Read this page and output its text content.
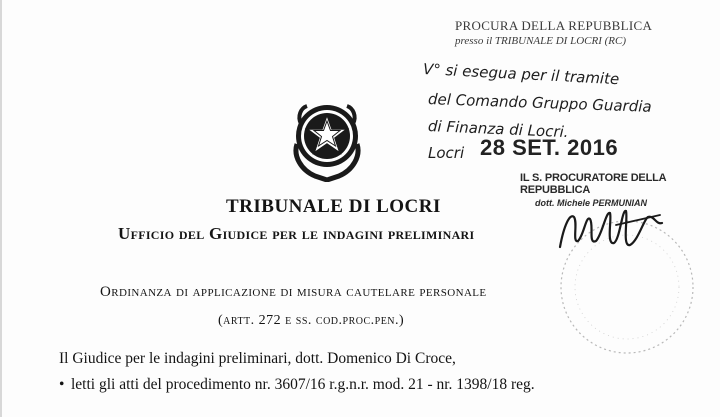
PROCURA DELLA REPUBBLICA
presso il TRIBUNALE DI LOCRI (RC)
V° si esegua per il tramite
del Comando Gruppo Guardia
di Finanza di Locri.
Locri 28 SET. 2016
IL S. PROCURATORE DELLA REPUBBLICA
dott. Michele PERMUNIAN
TRIBUNALE DI LOCRI
Ufficio del Giudice per le indagini preliminari
Ordinanza di applicazione di misura cautelare personale
(artt. 272 e ss. cod.proc.pen.)
Il Giudice per le indagini preliminari, dott. Domenico Di Croce,
• letti gli atti del procedimento nr. 3607/16 r.g.n.r. mod. 21 - nr. 1398/18 reg.
